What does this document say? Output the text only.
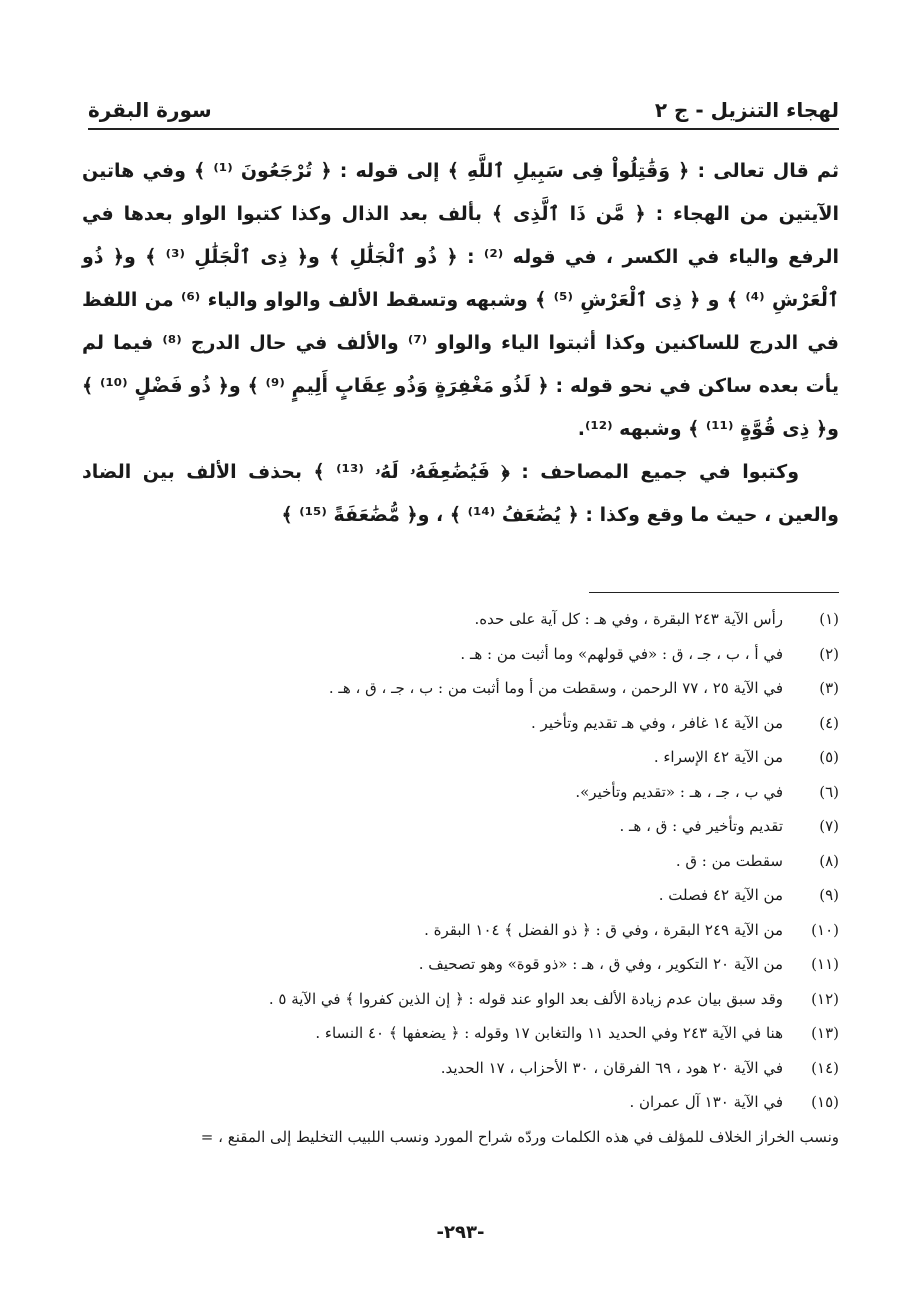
لهجاء التنزيل - ج ٢
سورة البقرة

ثم قال تعالى : ﴿ وَقَٰتِلُواْ فِى سَبِيلِ ٱللَّهِ ﴾ إلى قوله : ﴿ تُرْجَعُونَ ⁽¹⁾ ﴾ وفي هاتين الآيتين من الهجاء : ﴿ مَّن ذَا ٱلَّذِى ﴾ بألف بعد الذال وكذا كتبوا الواو بعدها في الرفع والياء في الكسر ، في قوله ⁽²⁾ : ﴿ ذُو ٱلْجَلَٰلِ ﴾ و﴿ ذِى ٱلْجَلَٰلِ ⁽³⁾ ﴾ و﴿ ذُو ٱلْعَرْشِ ⁽⁴⁾ ﴾ و ﴿ ذِى ٱلْعَرْشِ ⁽⁵⁾ ﴾ وشبهه وتسقط الألف والواو والياء ⁽⁶⁾ من اللفظ في الدرج للساكنين وكذا أثبتوا الياء والواو ⁽⁷⁾ والألف في حال الدرج ⁽⁸⁾ فيما لم يأت بعده ساكن في نحو قوله : ﴿ لَذُو مَغْفِرَةٍ وَذُو عِقَابٍ أَلِيمٍ ⁽⁹⁾ ﴾ و﴿ ذُو فَضْلٍ ⁽¹⁰⁾ ﴾ و﴿ ذِى قُوَّةٍ ⁽¹¹⁾ ﴾ وشبهه ⁽¹²⁾.

وكتبوا في جميع المصاحف : ﴿ فَيُضَٰعِفَهُۥ لَهُۥ ⁽¹³⁾ ﴾ بحذف الألف بين الضاد والعين ، حيث ما وقع وكذا : ﴿ يُضَٰعَفُ ⁽¹⁴⁾ ﴾ ، و﴿ مُّضَٰعَفَةً ⁽¹⁵⁾ ﴾

(١)
رأس الآية ٢٤٣ البقرة ، وفي هـ : كل آية على حده.
(٢)
في أ ، ب ، جـ ، ق : «في قولهم» وما أثبت من : هـ .
(٣)
في الآية ٢٥ ، ٧٧ الرحمن ، وسقطت من أ وما أثبت من : ب ، جـ ، ق ، هـ .
(٤)
من الآية ١٤ غافر ، وفي هـ تقديم وتأخير .
(٥)
من الآية ٤٢ الإسراء .
(٦)
في ب ، جـ ، هـ : «تقديم وتأخير».
(٧)
تقديم وتأخير في : ق ، هـ .
(٨)
سقطت من : ق .
(٩)
من الآية ٤٢ فصلت .
(١٠)
من الآية ٢٤٩ البقرة ، وفي ق : ﴿ ذو الفضل ﴾ ١٠٤ البقرة .
(١١)
من الآية ٢٠ التكوير ، وفي ق ، هـ : «ذو قوة» وهو تصحيف .
(١٢)
وقد سبق بيان عدم زيادة الألف بعد الواو عند قوله : ﴿ إن الذين كفروا ﴾ في الآية ٥ .
(١٣)
هنا في الآية ٢٤٣ وفي الحديد ١١ والتغابن ١٧ وقوله : ﴿ يضعفها ﴾ ٤٠ النساء .
(١٤)
في الآية ٢٠ هود ، ٦٩ الفرقان ، ٣٠ الأحزاب ، ١٧ الحديد.
(١٥)
في الآية ١٣٠ آل عمران .
ونسب الخراز الخلاف للمؤلف في هذه الكلمات وردّه شراح المورد ونسب اللبيب التخليط إلى المقنع ، =
-٢٩٣-
